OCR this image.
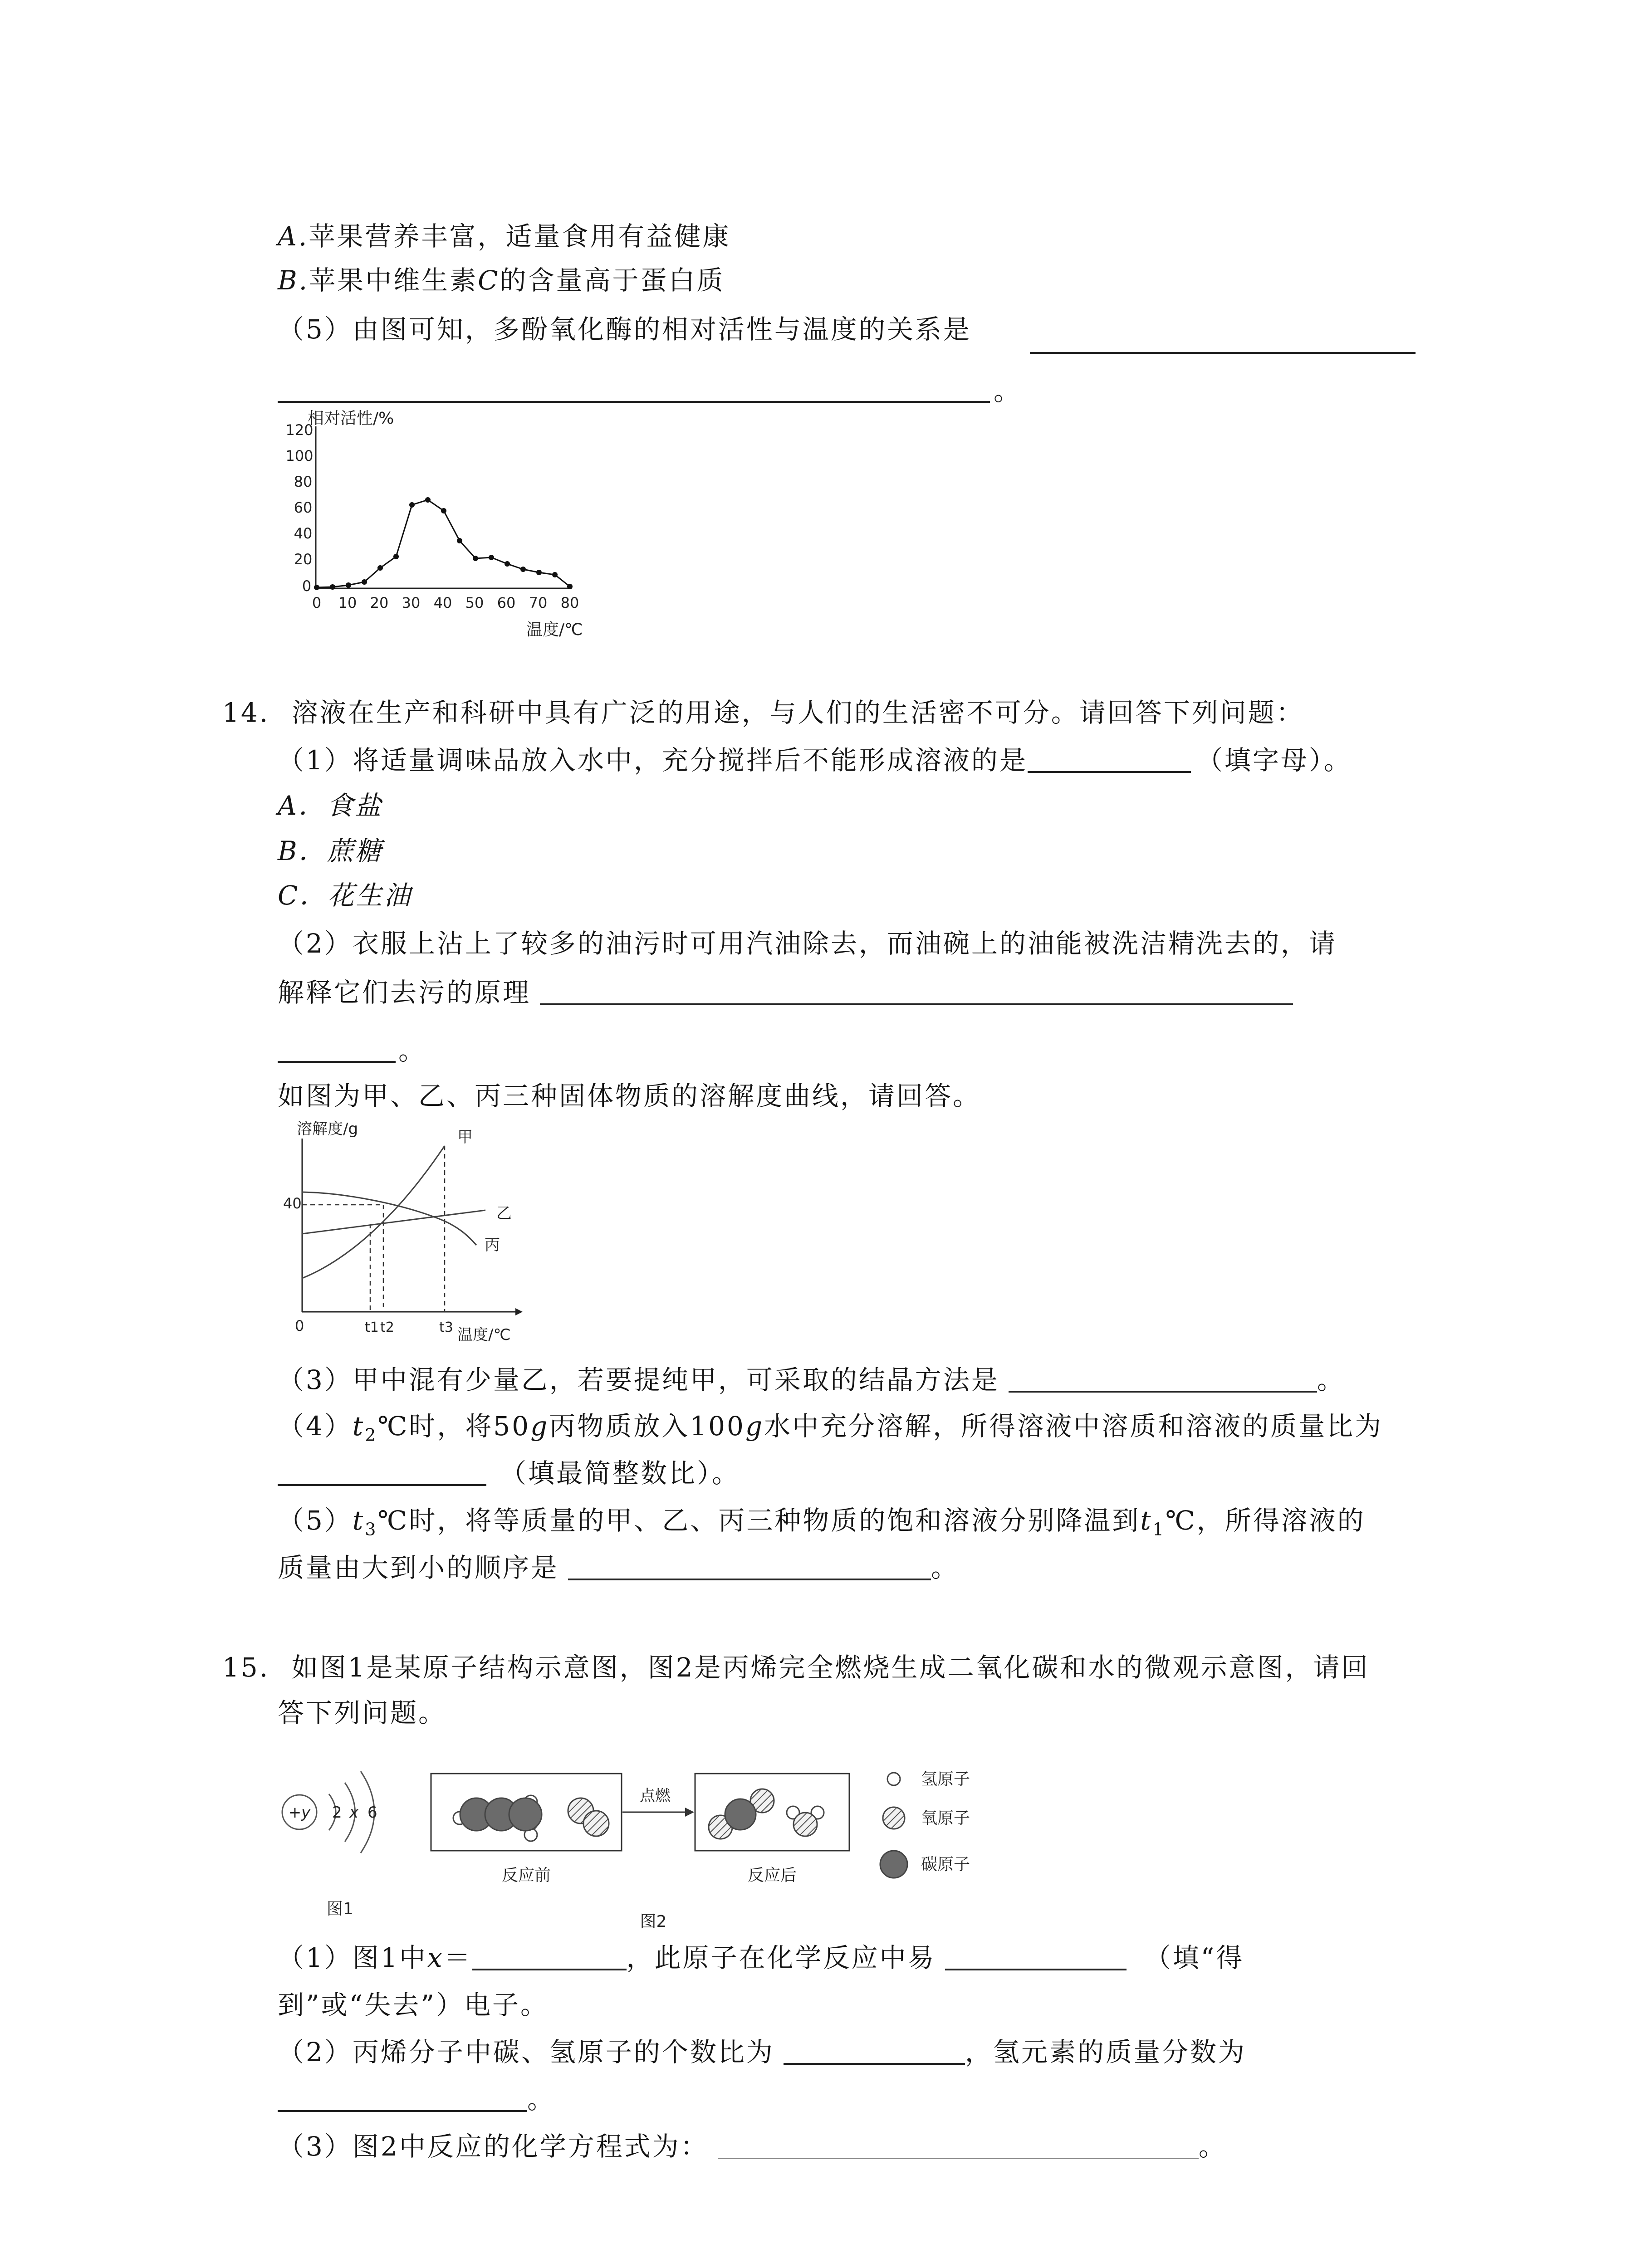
A.苹果营养丰富，适量食用有益健康
B.苹果中维生素C的含量高于蛋白质
（5）由图可知，多酚氧化酶的相对活性与温度的关系是
。
相对活性/%
120
100
80
60
40
20
0
0 10 20 30 40 50 60 70 80
温度/℃
14. 溶液在生产和科研中具有广泛的用途，与人们的生活密不可分。请回答下列问题：
（1）将适量调味品放入水中，充分搅拌后不能形成溶液的是	（填字母）。
A．食盐
B．蔗糖
C．花生油
（2）衣服上沾上了较多的油污时可用汽油除去，而油碗上的油能被洗洁精洗去的，请
解释它们去污的原理
。
如图为甲、乙、丙三种固体物质的溶解度曲线，请回答。
溶解度/g
40
0
甲
乙
丙
t1 t2	t3 温度/℃
（3）甲中混有少量乙，若要提纯甲，可采取的结晶方法是	。
$(4)t_2℃$时，将50g丙物质放入100g水中充分溶解，所得溶液中溶质和溶液的质量比为
（填最简整数比）。
$(5)t_3℃$时，将等质量的甲、乙、丙三种物质的饱和溶液分别降温到$t_1℃$，所得溶液的
质量由大到小的顺序是	。
15. 如图1是某原子结构示意图，图2是丙烯完全燃烧生成二氧化碳和水的微观示意图，请回
答下列问题。
+y 2 x 6
图1
反应前
点燃
反应后
图2
氢原子
氧原子
碳原子
（1）图1中x＝	，此原子在化学反应中易	（填“得
到”或“失去”）电子。
（2）丙烯分子中碳、氢原子的个数比为	，氢元素的质量分数为
。
（3）图2中反应的化学方程式为：	。
